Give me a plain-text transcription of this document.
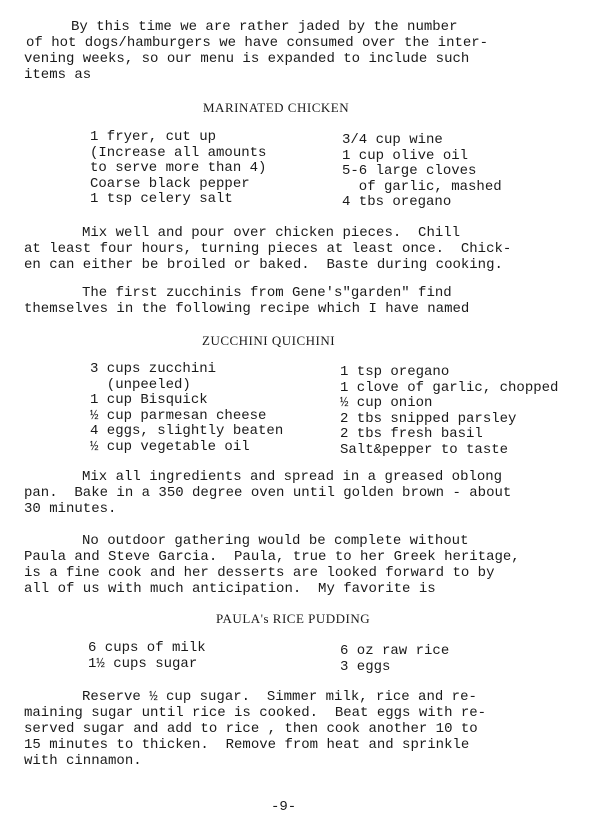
By this time we are rather jaded by the number
of hot dogs/hamburgers we have consumed over the inter-
vening weeks, so our menu is expanded to include such
items as
MARINATED CHICKEN
1 fryer, cut up
(Increase all amounts
to serve more than 4)
Coarse black pepper
1 tsp celery salt
3/4 cup wine
1 cup olive oil
5-6 large cloves
of garlic, mashed
4 tbs oregano
Mix well and pour over chicken pieces.  Chill
at least four hours, turning pieces at least once.  Chick-
en can either be broiled or baked.  Baste during cooking.
The first zucchinis from Gene's"garden" find
themselves in the following recipe which I have named
ZUCCHINI QUICHINI
3 cups zucchini
(unpeeled)
1 cup Bisquick
½ cup parmesan cheese
4 eggs, slightly beaten
½ cup vegetable oil
1 tsp oregano
1 clove of garlic, chopped
½ cup onion
2 tbs snipped parsley
2 tbs fresh basil
Salt&pepper to taste
Mix all ingredients and spread in a greased oblong
pan.  Bake in a 350 degree oven until golden brown - about
30 minutes.
No outdoor gathering would be complete without
Paula and Steve Garcia.  Paula, true to her Greek heritage,
is a fine cook and her desserts are looked forward to by
all of us with much anticipation.  My favorite is
PAULA's RICE PUDDING
6 cups of milk
1½ cups sugar
6 oz raw rice
3 eggs
Reserve ½ cup sugar.  Simmer milk, rice and re-
maining sugar until rice is cooked.  Beat eggs with re-
served sugar and add to rice , then cook another 10 to
15 minutes to thicken.  Remove from heat and sprinkle
with cinnamon.
-9-
